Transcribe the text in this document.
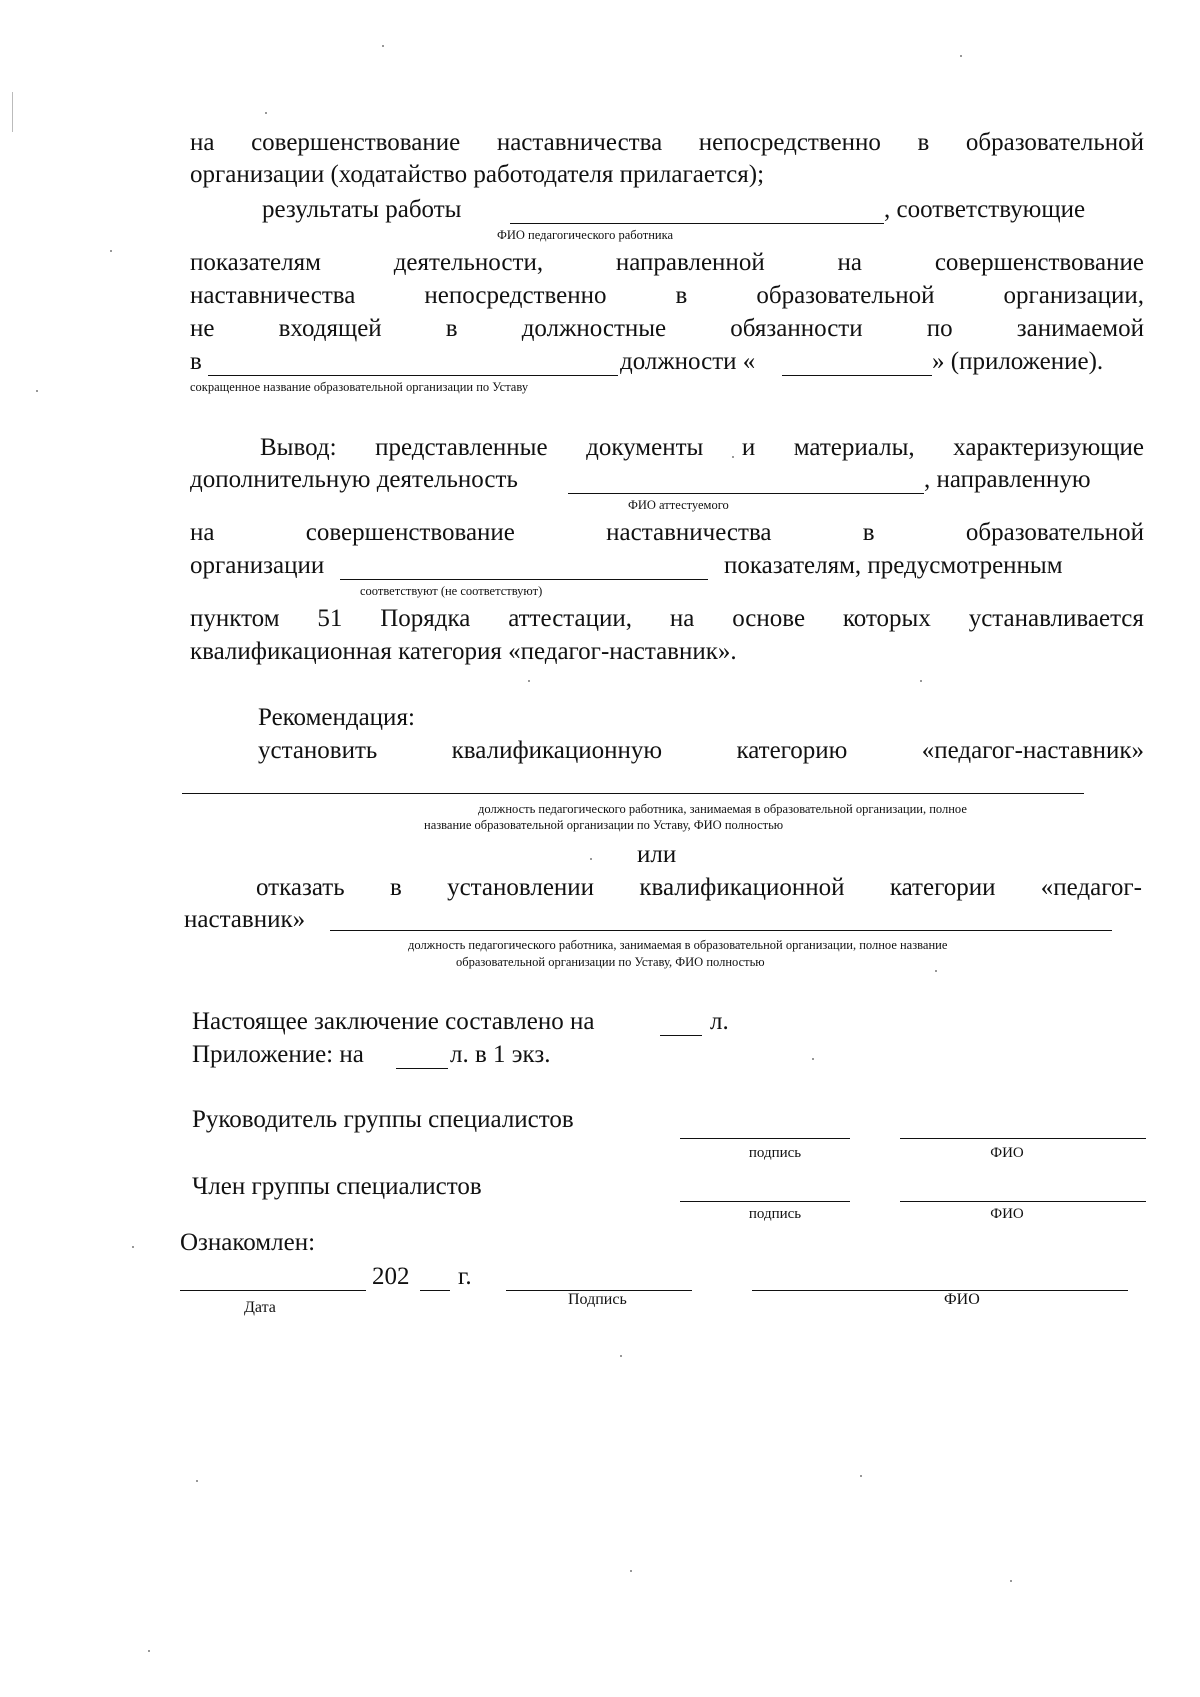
на совершенствование наставничества непосредственно в образовательной
организации (ходатайство работодателя прилагается);
результаты работы	, соответствующие
ФИО педагогического работника
показателям	деятельности,	направленной	на	совершенствование
наставничества	непосредственно	в	образовательной	организации,
не	входящей	в	должностные	обязанности	по	занимаемой
в	должности «	» (приложение).
сокращенное название образовательной организации по Уставу
Вывод: представленные документы и материалы, характеризующие
дополнительную деятельность	, направленную
ФИО аттестуемого
на	совершенствование	наставничества	в	образовательной
организации	показателям, предусмотренным
соответствуют (не соответствуют)
пунктом 51 Порядка аттестации, на основе которых устанавливается
квалификационная категория «педагог-наставник».
Рекомендация:
установить	квалификационную	категорию	«педагог-наставник»
должность педагогического работника, занимаемая в образовательной организации, полное
название образовательной организации по Уставу, ФИО полностью
или
отказать в установлении квалификационной категории «педагог-
наставник»
должность педагогического работника, занимаемая в образовательной организации, полное название
образовательной организации по Уставу, ФИО полностью
Настоящее заключение составлено на	л.
Приложение: на	л. в 1 экз.
Руководитель группы специалистов
подпись	ФИО
Член группы специалистов
подпись	ФИО
Ознакомлен:
202 г.
Дата	Подпись	ФИО
